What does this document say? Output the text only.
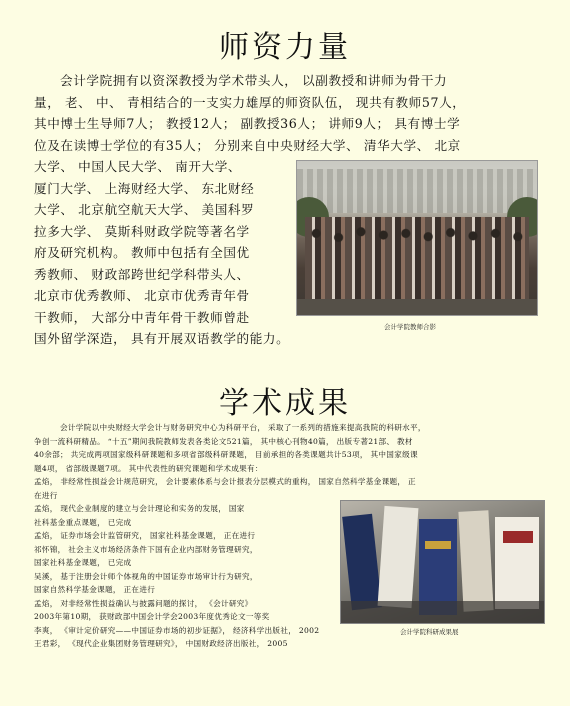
师资力量

会计学院拥有以资深教授为学术带头人， 以副教授和讲师为骨干力

量， 老、 中、 青相结合的一支实力雄厚的师资队伍， 现共有教师57人，

其中博士生导师7人； 教授12人； 副教授36人； 讲师9人； 具有博士学

位及在读博士学位的有35人； 分别来自中央财经大学、 清华大学、 北京

大学、 中国人民大学、 南开大学、

厦门大学、 上海财经大学、 东北财经

大学、 北京航空航天大学、 美国科罗

拉多大学、 莫斯科财政学院等著名学

府及研究机构。 教师中包括有全国优

秀教师、 财政部跨世纪学科带头人、

北京市优秀教师、 北京市优秀青年骨

干教师， 大部分中青年骨干教师曾赴

国外留学深造， 具有开展双语教学的能力。

会计学院教师合影
学术成果

会计学院以中央财经大学会计与财务研究中心为科研平台， 采取了一系列的措施来提高我院的科研水平，

争创一流科研精品。 “十五”期间我院教师发表各类论文521篇， 其中核心刊物40篇， 出版专著21部、 教材

40余部； 共完成两项国家级科研课题和多项省部级科研课题， 目前承担的各类课题共计53项， 其中国家级课

题4项， 省部级课题7项。 其中代表性的研究课题和学术成果有：

孟焰， 非经常性损益会计规范研究， 会计要素体系与会计报表分层模式的重构， 国家自然科学基金课题， 正

在进行

孟焰， 现代企业制度的建立与会计理论和实务的发展， 国家

社科基金重点课题， 已完成

孟焰， 证券市场会计监管研究， 国家社科基金课题， 正在进行

祁怀锦， 社会主义市场经济条件下国有企业内部财务管理研究，

国家社科基金课题， 已完成

吴溪， 基于注册会计师个体视角的中国证券市场审计行为研究，

国家自然科学基金课题， 正在进行

孟焰， 对非经常性损益确认与披露问题的探讨， 《会计研究》

2003年第10期， 获财政部中国会计学会2003年度优秀论文一等奖

李爽， 《审计定价研究——中国证券市场的初步证据》， 经济科学出版社， 2002

王君彩， 《现代企业集团财务管理研究》， 中国财政经济出版社， 2005

会计学院科研成果展
